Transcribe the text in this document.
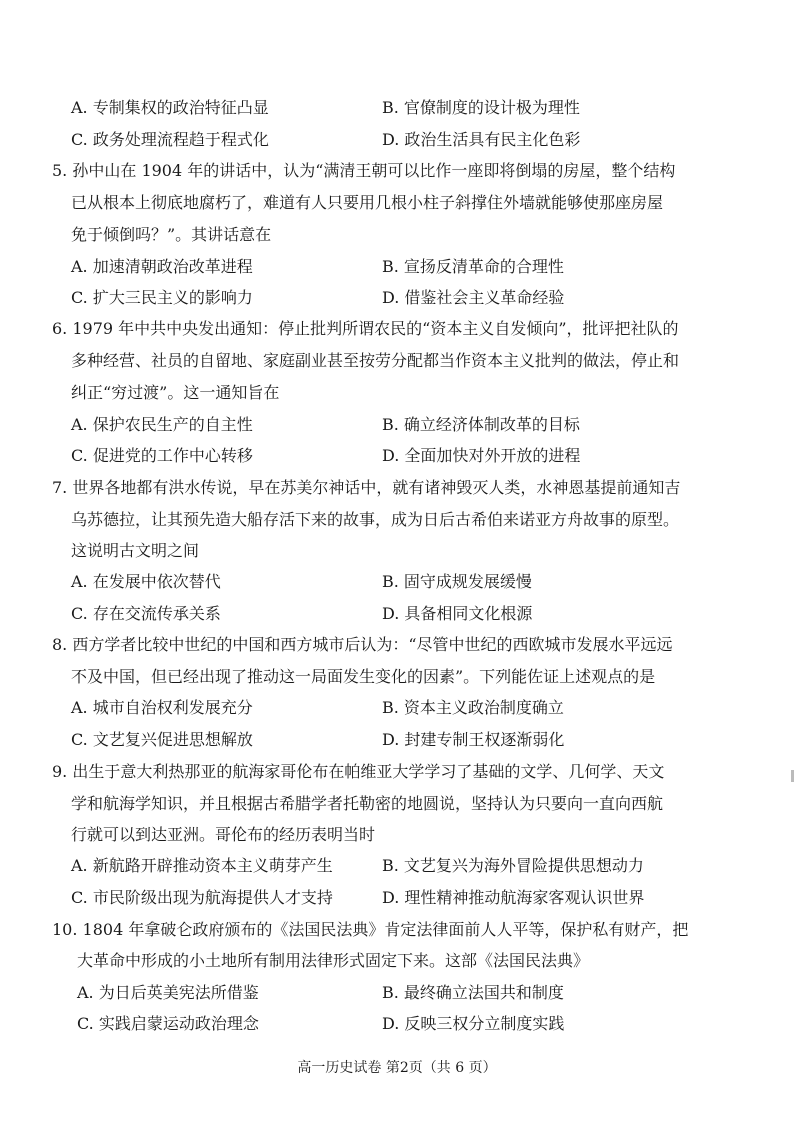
A. 专制集权的政治特征凸显	B. 官僚制度的设计极为理性
C. 政务处理流程趋于程式化	D. 政治生活具有民主化色彩
5. 孙中山在 1904 年的讲话中，认为“满清王朝可以比作一座即将倒塌的房屋，整个结构
已从根本上彻底地腐朽了，难道有人只要用几根小柱子斜撑住外墙就能够使那座房屋
免于倾倒吗？”。其讲话意在
A. 加速清朝政治改革进程	B. 宣扬反清革命的合理性
C. 扩大三民主义的影响力	D. 借鉴社会主义革命经验
6. 1979 年中共中央发出通知：停止批判所谓农民的“资本主义自发倾向”，批评把社队的
多种经营、社员的自留地、家庭副业甚至按劳分配都当作资本主义批判的做法，停止和
纠正“穷过渡”。这一通知旨在
A. 保护农民生产的自主性	B. 确立经济体制改革的目标
C. 促进党的工作中心转移	D. 全面加快对外开放的进程
7. 世界各地都有洪水传说，早在苏美尔神话中，就有诸神毁灭人类，水神恩基提前通知吉
乌苏德拉，让其预先造大船存活下来的故事，成为日后古希伯来诺亚方舟故事的原型。
这说明古文明之间
A. 在发展中依次替代	B. 固守成规发展缓慢
C. 存在交流传承关系	D. 具备相同文化根源
8. 西方学者比较中世纪的中国和西方城市后认为：“尽管中世纪的西欧城市发展水平远远
不及中国，但已经出现了推动这一局面发生变化的因素”。下列能佐证上述观点的是
A. 城市自治权利发展充分	B. 资本主义政治制度确立
C. 文艺复兴促进思想解放	D. 封建专制王权逐渐弱化
9. 出生于意大利热那亚的航海家哥伦布在帕维亚大学学习了基础的文学、几何学、天文
学和航海学知识，并且根据古希腊学者托勒密的地圆说，坚持认为只要向一直向西航
行就可以到达亚洲。哥伦布的经历表明当时
A. 新航路开辟推动资本主义萌芽产生	B. 文艺复兴为海外冒险提供思想动力
C. 市民阶级出现为航海提供人才支持	D. 理性精神推动航海家客观认识世界
10. 1804 年拿破仑政府颁布的《法国民法典》肯定法律面前人人平等，保护私有财产，把
大革命中形成的小土地所有制用法律形式固定下来。这部《法国民法典》
A. 为日后英美宪法所借鉴	B. 最终确立法国共和制度
C. 实践启蒙运动政治理念	D. 反映三权分立制度实践
高一历史试卷 第2页（共 6 页）
